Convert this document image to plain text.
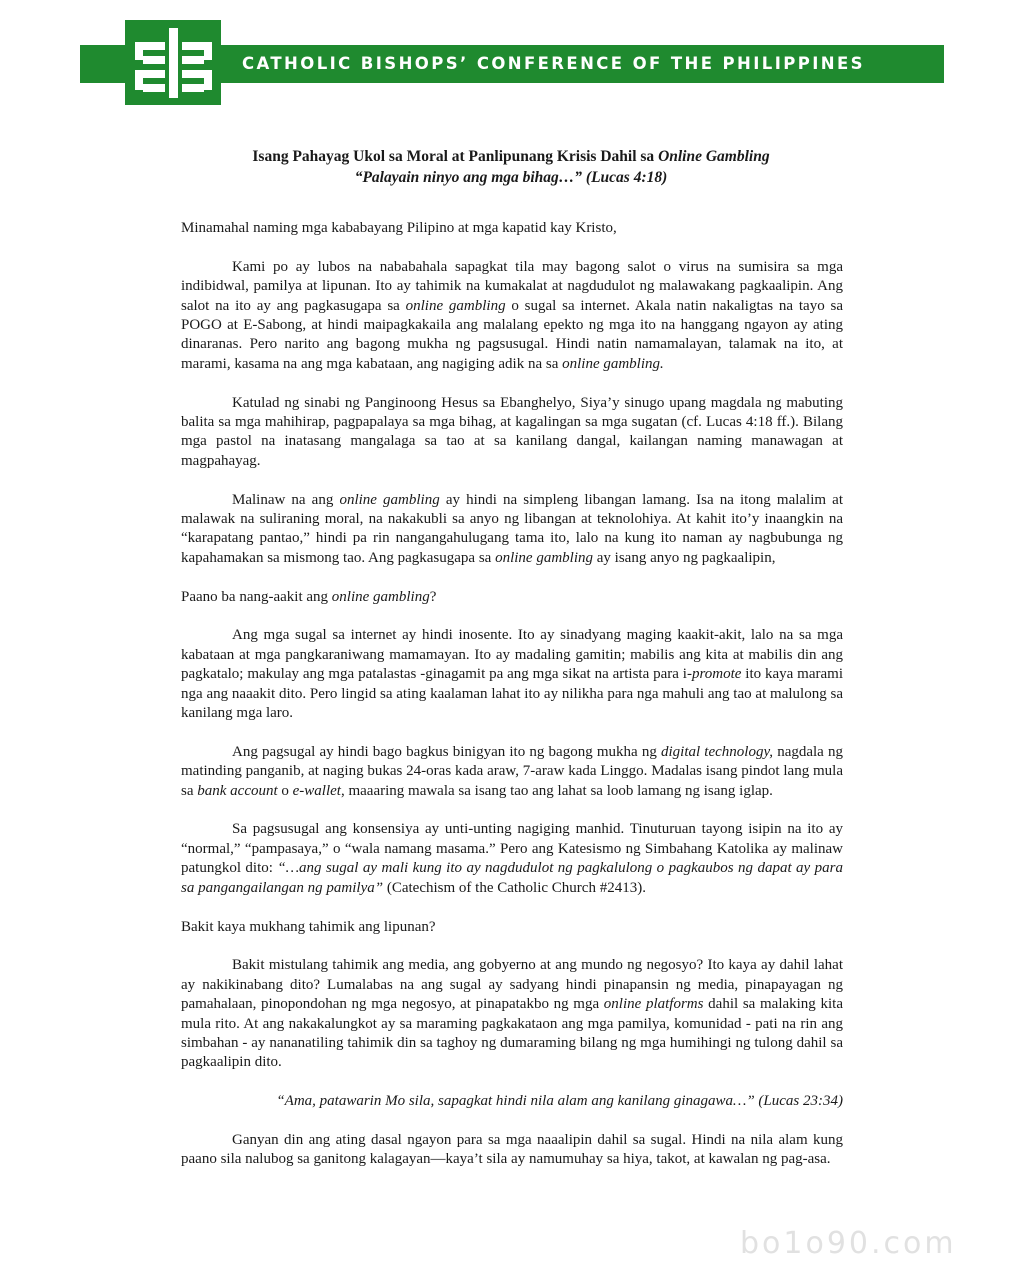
CATHOLIC BISHOPS’ CONFERENCE OF THE PHILIPPINES
Isang Pahayag Ukol sa Moral at Panlipunang Krisis Dahil sa Online Gambling
“Palayain ninyo ang mga bihag…” (Lucas 4:18)

Minamahal naming mga kababayang Pilipino at mga kapatid kay Kristo,

Kami po ay lubos na nababahala sapagkat tila may bagong salot o virus na sumisira sa mga indibidwal, pamilya at lipunan. Ito ay tahimik na kumakalat at nagdudulot ng malawakang pagkaalipin. Ang salot na ito ay ang pagkasugapa sa online gambling o sugal sa internet. Akala natin nakaligtas na tayo sa POGO at E-Sabong, at hindi maipagkakaila ang malalang epekto ng mga ito na hanggang ngayon ay ating dinaranas. Pero narito ang bagong mukha ng pagsusugal. Hindi natin namamalayan, talamak na ito, at marami, kasama na ang mga kabataan, ang nagiging adik na sa online gambling.

Katulad ng sinabi ng Panginoong Hesus sa Ebanghelyo, Siya’y sinugo upang magdala ng mabuting balita sa mga mahihirap, pagpapalaya sa mga bihag, at kagalingan sa mga sugatan (cf. Lucas 4:18 ff.). Bilang mga pastol na inatasang mangalaga sa tao at sa kanilang dangal, kailangan naming manawagan at magpahayag.

Malinaw na ang online gambling ay hindi na simpleng libangan lamang. Isa na itong malalim at malawak na suliraning moral, na nakakubli sa anyo ng libangan at teknolohiya. At kahit ito’y inaangkin na “karapatang pantao,” hindi pa rin nangangahulugang tama ito, lalo na kung ito naman ay nagbubunga ng kapahamakan sa mismong tao. Ang pagkasugapa sa online gambling ay isang anyo ng pagkaalipin,

Paano ba nang-aakit ang online gambling?

Ang mga sugal sa internet ay hindi inosente. Ito ay sinadyang maging kaakit-akit, lalo na sa mga kabataan at mga pangkaraniwang mamamayan. Ito ay madaling gamitin; mabilis ang kita at mabilis din ang pagkatalo; makulay ang mga patalastas -ginagamit pa ang mga sikat na artista para i-promote ito kaya marami nga ang naaakit dito. Pero lingid sa ating kaalaman lahat ito ay nilikha para nga mahuli ang tao at malulong sa kanilang mga laro.

Ang pagsugal ay hindi bago bagkus binigyan ito ng bagong mukha ng digital technology, nagdala ng matinding panganib, at naging bukas 24-oras kada araw, 7-araw kada Linggo. Madalas isang pindot lang mula sa bank account o e-wallet, maaaring mawala sa isang tao ang lahat sa loob lamang ng isang iglap.

Sa pagsusugal ang konsensiya ay unti-unting nagiging manhid. Tinuturuan tayong isipin na ito ay “normal,” “pampasaya,” o “wala namang masama.” Pero ang Katesismo ng Simbahang Katolika ay malinaw patungkol dito: “…ang sugal ay mali kung ito ay nagdudulot ng pagkalulong o pagkaubos ng dapat ay para sa pangangailangan ng pamilya” (Catechism of the Catholic Church #2413).

Bakit kaya mukhang tahimik ang lipunan?

Bakit mistulang tahimik ang media, ang gobyerno at ang mundo ng negosyo? Ito kaya ay dahil lahat ay nakikinabang dito? Lumalabas na ang sugal ay sadyang hindi pinapansin ng media, pinapayagan ng pamahalaan, pinopondohan ng mga negosyo, at pinapatakbo ng mga online platforms dahil sa malaking kita mula rito. At ang nakakalungkot ay sa maraming pagkakataon ang mga pamilya, komunidad - pati na rin ang simbahan - ay nananatiling tahimik din sa taghoy ng dumaraming bilang ng mga humihingi ng tulong dahil sa pagkaalipin dito.

“Ama, patawarin Mo sila, sapagkat hindi nila alam ang kanilang ginagawa…” (Lucas 23:34)

Ganyan din ang ating dasal ngayon para sa mga naaalipin dahil sa sugal. Hindi na nila alam kung paano sila nalubog sa ganitong kalagayan—kaya’t sila ay namumuhay sa hiya, takot, at kawalan ng pag-asa.

bo1o90.com
